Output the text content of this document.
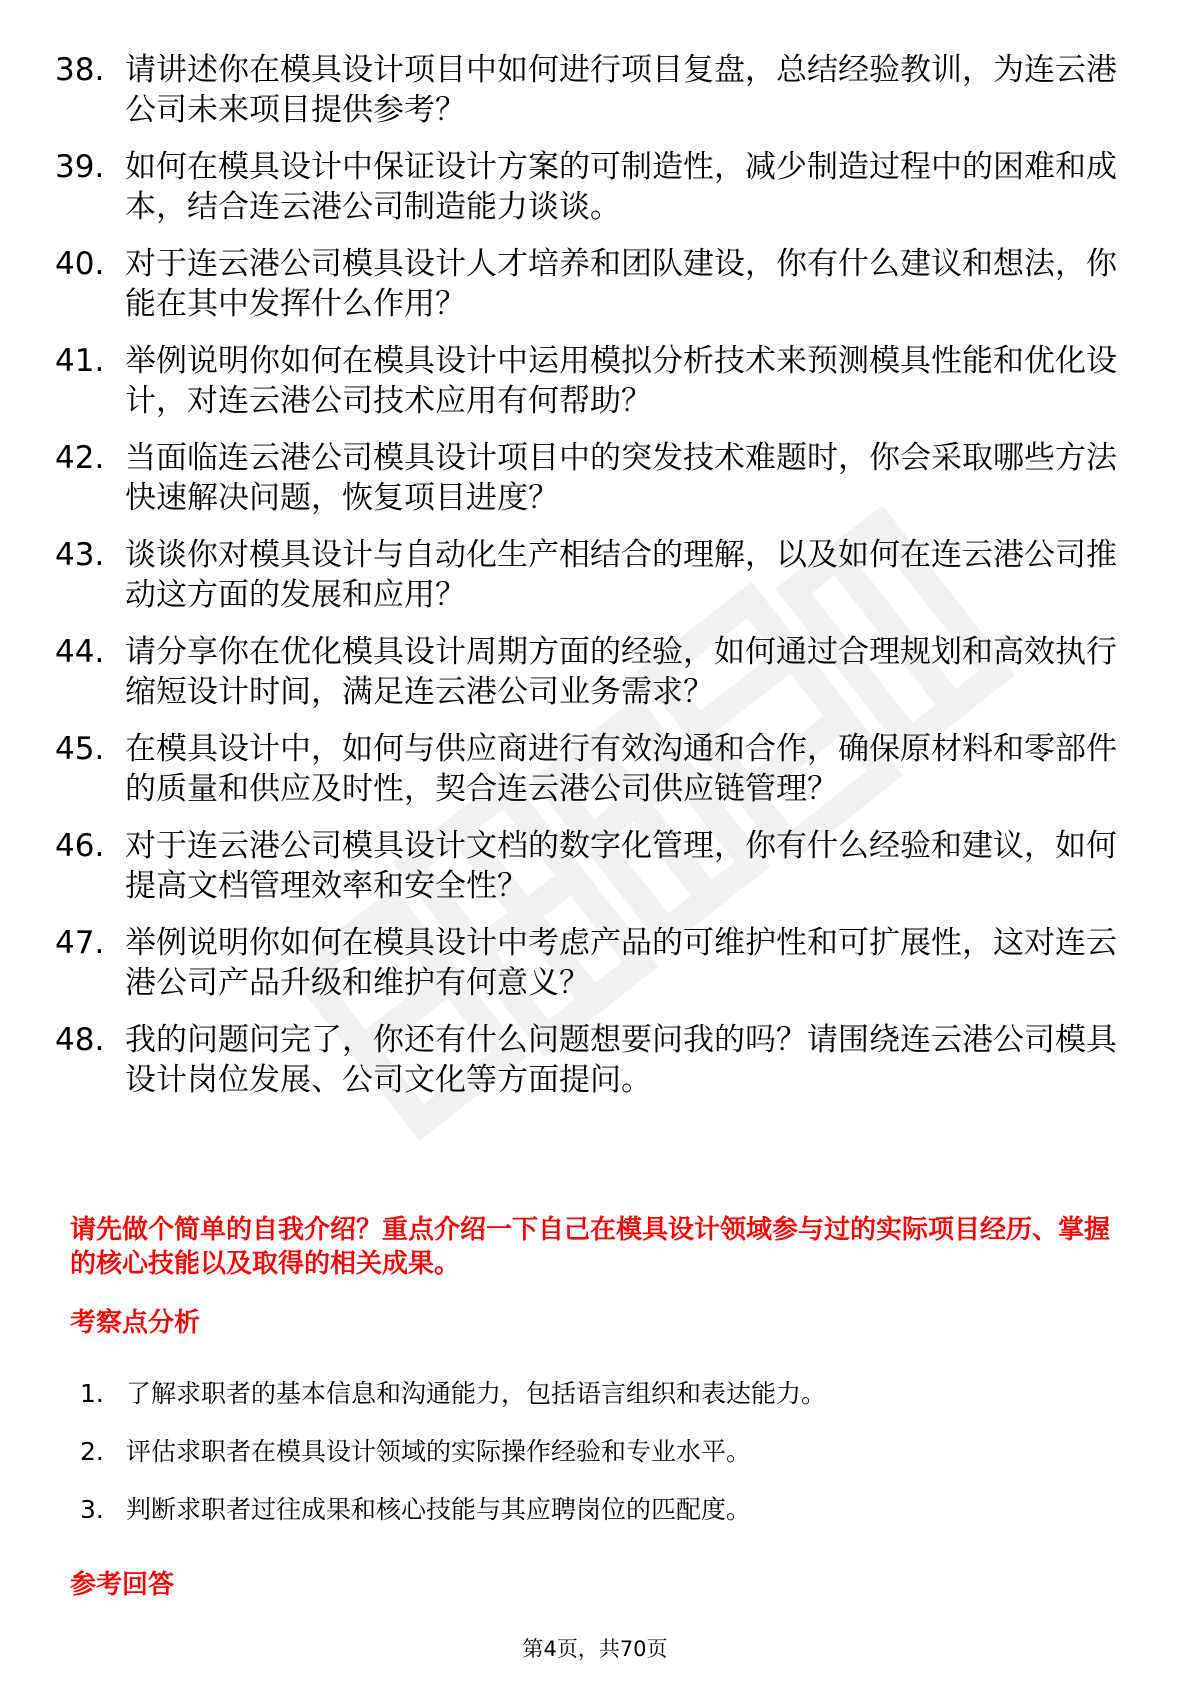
38. 请讲述你在模具设计项目中如何进行项目复盘，总结经验教训，为连云港公司未来项目提供参考？
39. 如何在模具设计中保证设计方案的可制造性，减少制造过程中的困难和成本，结合连云港公司制造能力谈谈。
40. 对于连云港公司模具设计人才培养和团队建设，你有什么建议和想法，你能在其中发挥什么作用？
41. 举例说明你如何在模具设计中运用模拟分析技术来预测模具性能和优化设计，对连云港公司技术应用有何帮助？
42. 当面临连云港公司模具设计项目中的突发技术难题时，你会采取哪些方法快速解决问题，恢复项目进度？
43. 谈谈你对模具设计与自动化生产相结合的理解，以及如何在连云港公司推动这方面的发展和应用？
44. 请分享你在优化模具设计周期方面的经验，如何通过合理规划和高效执行缩短设计时间，满足连云港公司业务需求？
45. 在模具设计中，如何与供应商进行有效沟通和合作，确保原材料和零部件的质量和供应及时性，契合连云港公司供应链管理？
46. 对于连云港公司模具设计文档的数字化管理，你有什么经验和建议，如何提高文档管理效率和安全性？
47. 举例说明你如何在模具设计中考虑产品的可维护性和可扩展性，这对连云港公司产品升级和维护有何意义？
48. 我的问题问完了，你还有什么问题想要问我的吗？请围绕连云港公司模具设计岗位发展、公司文化等方面提问。

请先做个简单的自我介绍？重点介绍一下自己在模具设计领域参与过的实际项目经历、掌握的核心技能以及取得的相关成果。

考察点分析
1. 了解求职者的基本信息和沟通能力，包括语言组织和表达能力。
2. 评估求职者在模具设计领域的实际操作经验和专业水平。
3. 判断求职者过往成果和核心技能与其应聘岗位的匹配度。
参考回答
第4页，共70页
